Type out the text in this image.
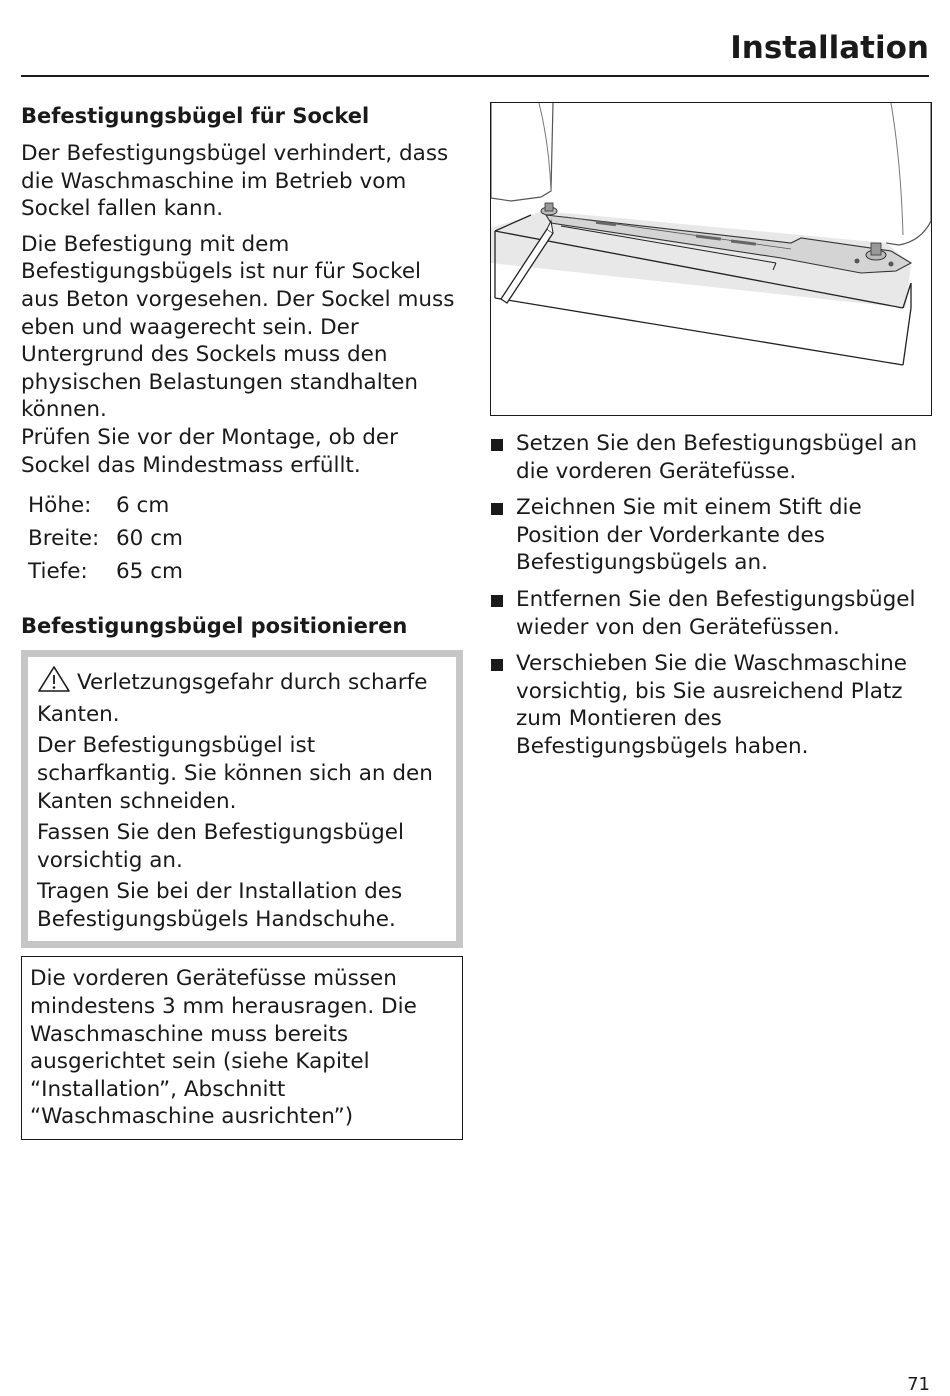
Installation
Befestigungsbügel für Sockel

Der Befestigungsbügel verhindert, dass die Waschmaschine im Betrieb vom Sockel fallen kann.

Die Befestigung mit dem Befestigungsbügels ist nur für Sockel aus Beton vorgesehen. Der Sockel muss eben und waagerecht sein. Der Untergrund des Sockels muss den physischen Belastungen standhalten können.

Prüfen Sie vor der Montage, ob der Sockel das Mindestmass erfüllt.

Höhe:	6 cm
Breite: 60 cm
Tiefe:	65 cm
Befestigungsbügel positionieren

Verletzungsgefahr durch scharfe Kanten.

Der Befestigungsbügel ist scharfkantig. Sie können sich an den Kanten schneiden.

Fassen Sie den Befestigungsbügel vorsichtig an.

Tragen Sie bei der Installation des Befestigungsbügels Handschuhe.

Die vorderen Gerätefüsse müssen mindestens 3 mm herausragen. Die Waschmaschine muss bereits ausgerichtet sein (siehe Kapitel “Installation”, Abschnitt “Waschmaschine ausrichten”)
Setzen Sie den Befestigungsbügel an die vorderen Gerätefüsse.
Zeichnen Sie mit einem Stift die Position der Vorderkante des Befestigungsbügels an.
Entfernen Sie den Befestigungsbügel wieder von den Gerätefüssen.
Verschieben Sie die Waschmaschine vorsichtig, bis Sie ausreichend Platz zum Montieren des Befestigungsbügels haben.
71
